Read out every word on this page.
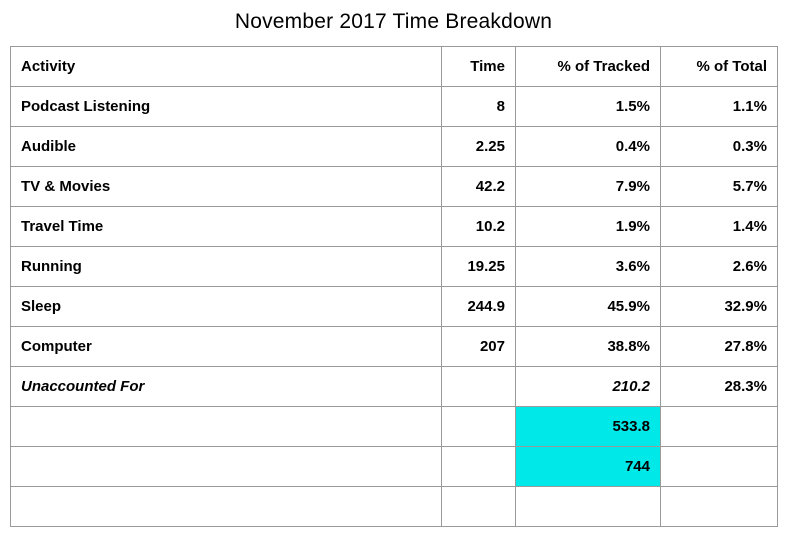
November 2017 Time Breakdown
Activity	Time	% of Tracked	% of Total
Podcast Listening	8	1.5%	1.1%
Audible	2.25	0.4%	0.3%
TV & Movies	42.2	7.9%	5.7%
Travel Time	10.2	1.9%	1.4%
Running	19.25	3.6%	2.6%
Sleep	244.9	45.9%	32.9%
Computer	207	38.8%	27.8%
Unaccounted For		210.2	28.3%
		533.8	
		744	
